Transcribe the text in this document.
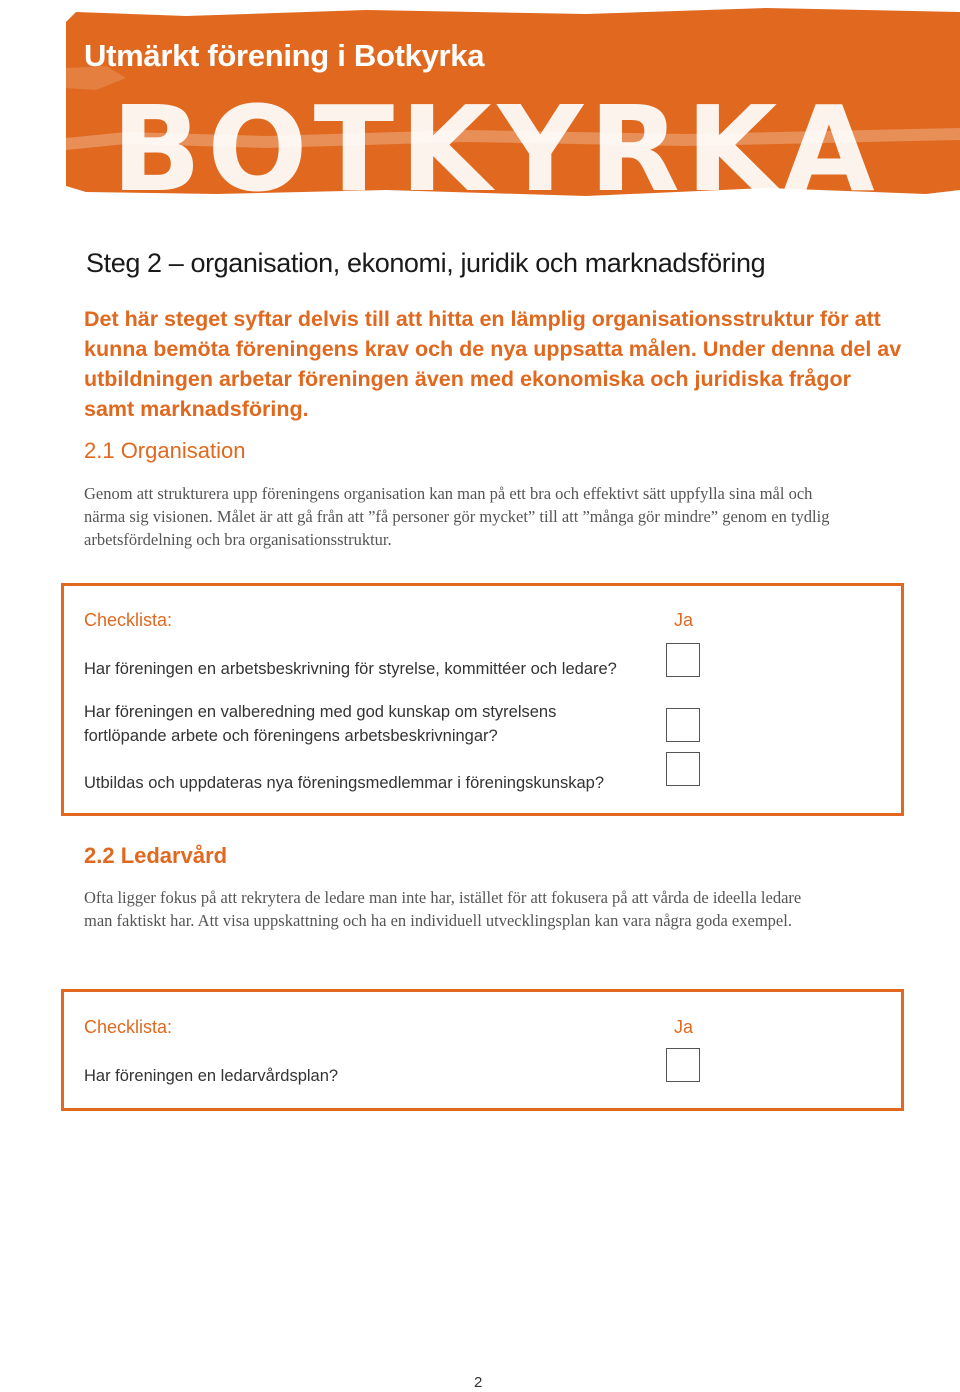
BOTKYRKA
Utmärkt förening i Botkyrka
Steg 2 – organisation, ekonomi, juridik och marknadsföring

Det här steget syftar delvis till att hitta en lämplig organisationsstruktur för att kunna bemöta föreningens krav och de nya uppsatta målen. Under denna del av utbildningen arbetar föreningen även med ekonomiska och juridiska frågor samt marknadsföring.

2.1 Organisation

Genom att strukturera upp föreningens organisation kan man på ett bra och effektivt sätt uppfylla sina mål och närma sig visionen. Målet är att gå från att ”få personer gör mycket” till att ”många gör mindre” genom en tydlig arbetsfördelning och bra organisationsstruktur.

Checklista:	Ja

Har föreningen en arbetsbeskrivning för styrelse, kommittéer och ledare?

Har föreningen en valberedning med god kunskap om styrelsens fortlöpande arbete och föreningens arbetsbeskrivningar?

Utbildas och uppdateras nya föreningsmedlemmar i föreningskunskap?

2.2 Ledarvård

Ofta ligger fokus på att rekrytera de ledare man inte har, istället för att fokusera på att vårda de ideella ledare man faktiskt har. Att visa uppskattning och ha en individuell utvecklingsplan kan vara några goda exempel.

Checklista:	Ja

Har föreningen en ledarvårdsplan?

2
